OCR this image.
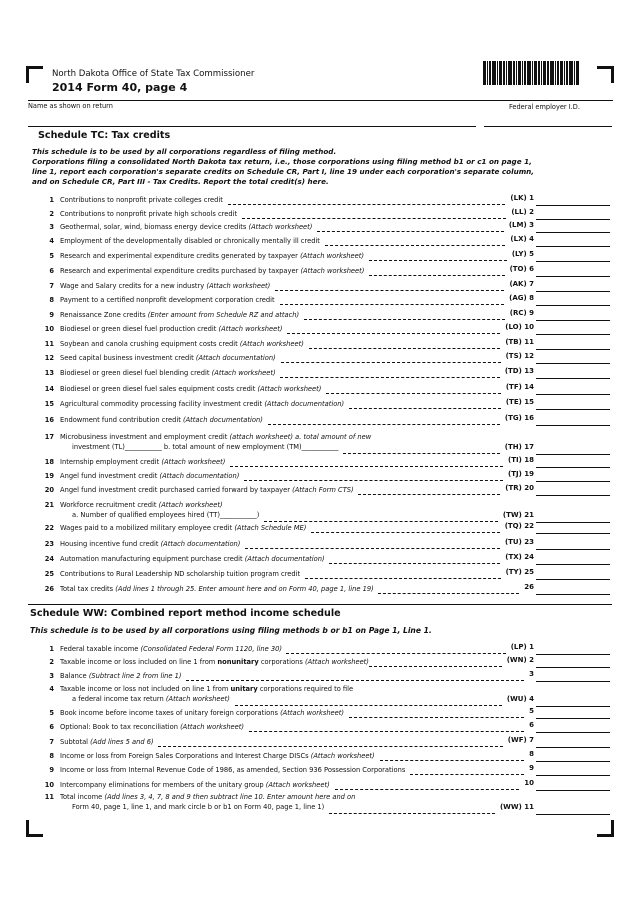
North Dakota Office of State Tax Commissioner
2014 Form 40, page 4
Name as shown on return	Federal employer I.D.
Schedule TC: Tax credits
This schedule is to be used by all corporations regardless of filing method.
Corporations filing a consolidated North Dakota tax return, i.e., those corporations using filing method b1 or c1 on page 1,
line 1, report each corporation's separate credits on Schedule CR, Part I, line 19 under each corporation's separate column,
and on Schedule CR, Part III - Tax Credits. Report the total credit(s) here.
1 Contributions to nonprofit private colleges credit	(LK) 1
2 Contributions to nonprofit private high schools credit	(LL) 2
3 Geothermal, solar, wind, biomass energy device credits (Attach worksheet)	(LM) 3
4 Employment of the developmentally disabled or chronically mentally ill credit	(LX) 4
5 Research and experimental expenditure credits generated by taxpayer (Attach worksheet)	(LY) 5
6 Research and experimental expenditure credits purchased by taxpayer (Attach worksheet)	(TO) 6
7 Wage and Salary credits for a new industry (Attach worksheet)	(AK) 7
8 Payment to a certified nonprofit development corporation credit	(AG) 8
9 Renaissance Zone credits (Enter amount from Schedule RZ and attach)	(RC) 9
10 Biodiesel or green diesel fuel production credit (Attach worksheet)	(LO) 10
11 Soybean and canola crushing equipment costs credit (Attach worksheet)	(TB) 11
12 Seed capital business investment credit (Attach documentation)	(TS) 12
13 Biodiesel or green diesel fuel blending credit (Attach worksheet)	(TD) 13
14 Biodiesel or green diesel fuel sales equipment costs credit (Attach worksheet)	(TF) 14
15 Agricultural commodity processing facility investment credit (Attach documentation)	(TE) 15
16 Endowment fund contribution credit (Attach documentation)	(TG) 16
17 Microbusiness investment and employment credit (attach worksheet) a. total amount of new
investment (TL)___________ b. total amount of new employment (TM)___________	(TH) 17
18 Internship employment credit (Attach worksheet)	(TI) 18
19 Angel fund investment credit (Attach documentation)	(TJ) 19
20 Angel fund investment credit purchased carried forward by taxpayer (Attach Form CTS)	(TR) 20
21 Workforce recruitment credit (Attach worksheet)
a. Number of qualified employees hired (TT)___________)	(TW) 21
22 Wages paid to a mobilized military employee credit (Attach Schedule ME)	(TQ) 22
23 Housing incentive fund credit (Attach documentation)	(TU) 23
24 Automation manufacturing equipment purchase credit (Attach documentation)	(TX) 24
25 Contributions to Rural Leadership ND scholarship tuition program credit	(TY) 25
26 Total tax credits (Add lines 1 through 25. Enter amount here and on Form 40, page 1, line 19)	26
Schedule WW: Combined report method income schedule
This schedule is to be used by all corporations using filing methods b or b1 on Page 1, Line 1.
1 Federal taxable income (Consolidated Federal Form 1120, line 30)	(LP) 1
2 Taxable income or loss included on line 1 from nonunitary corporations (Attach worksheet)	(WN) 2
3 Balance (Subtract line 2 from line 1)	3
4 Taxable income or loss not included on line 1 from unitary corporations required to file
a federal income tax return (Attach worksheet)	(WU) 4
5 Book income before income taxes of unitary foreign corporations (Attach worksheet)	5
6 Optional: Book to tax reconciliation (Attach worksheet)	6
7 Subtotal (Add lines 5 and 6)	(WF) 7
8 Income or loss from Foreign Sales Corporations and Interest Charge DISCs (Attach worksheet)	8
9 Income or loss from Internal Revenue Code of 1986, as amended, Section 936 Possession Corporations	9
10 Intercompany eliminations for members of the unitary group (Attach worksheet)	10
11 Total income (Add lines 3, 4, 7, 8 and 9 then subtract line 10. Enter amount here and on
Form 40, page 1, line 1, and mark circle b or b1 on Form 40, page 1, line 1)	(WW) 11
